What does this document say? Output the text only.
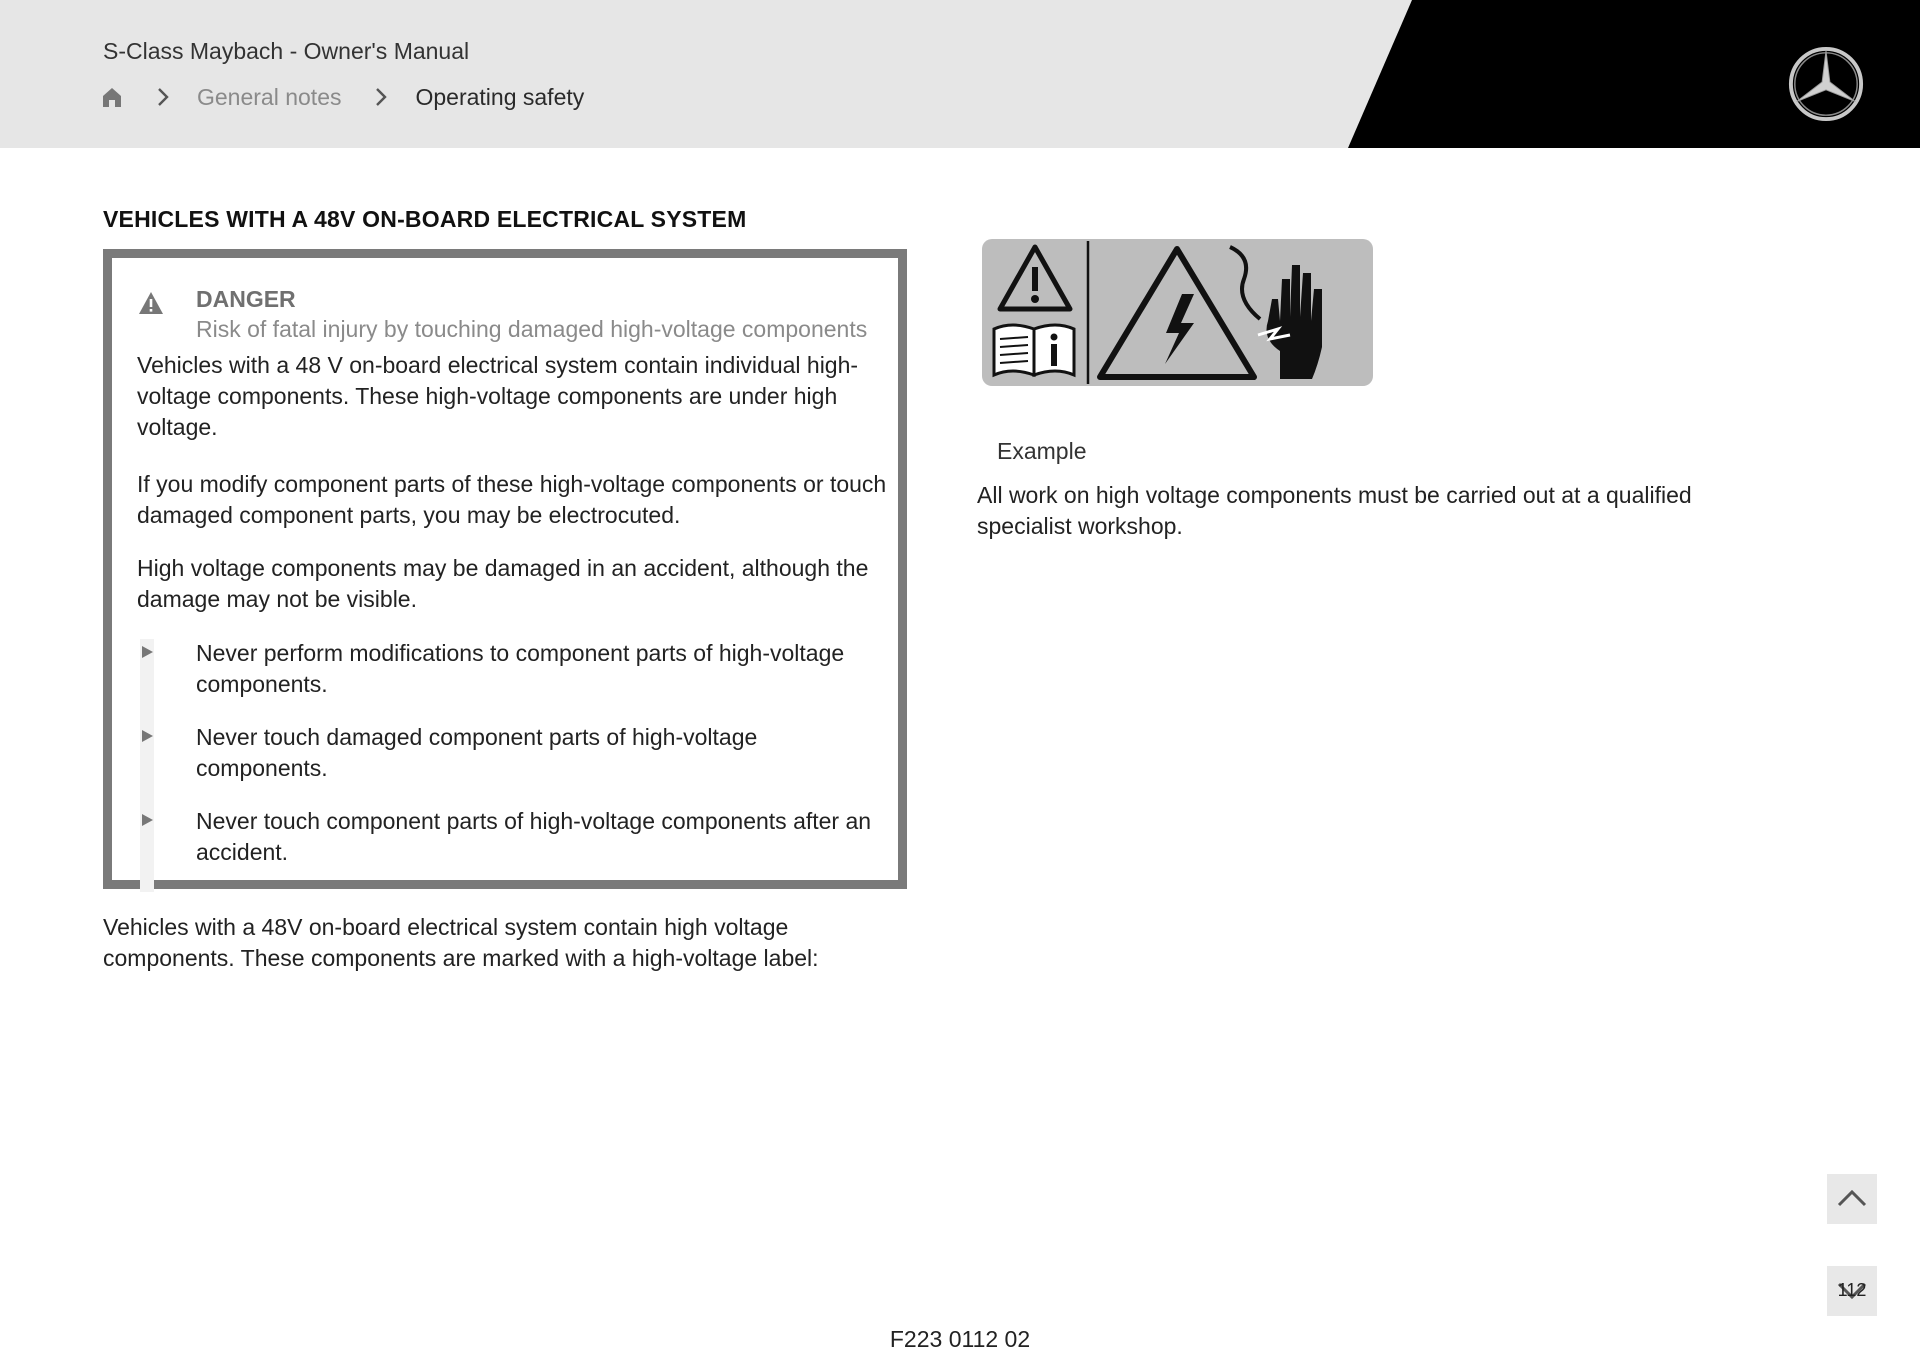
S-Class Maybach - Owner's Manual
General notes	Operating safety
VEHICLES WITH A 48V ON-BOARD ELECTRICAL SYSTEM
DANGER
Risk of fatal injury by touching damaged high-voltage components

Vehicles with a 48 V on-board electrical system contain individual high-voltage components. These high-voltage components are under high voltage.

If you modify component parts of these high-voltage components or touch damaged component parts, you may be electrocuted.

High voltage components may be damaged in an accident, although the damage may not be visible.

Never perform modifications to component parts of high-voltage components.

Never touch damaged component parts of high-voltage components.

Never touch component parts of high-voltage components after an accident.

Vehicles with a 48V on-board electrical system contain high voltage components. These components are marked with a high-voltage label:

Example

All work on high voltage components must be carried out at a qualified specialist workshop.

112
F223 0112 02
